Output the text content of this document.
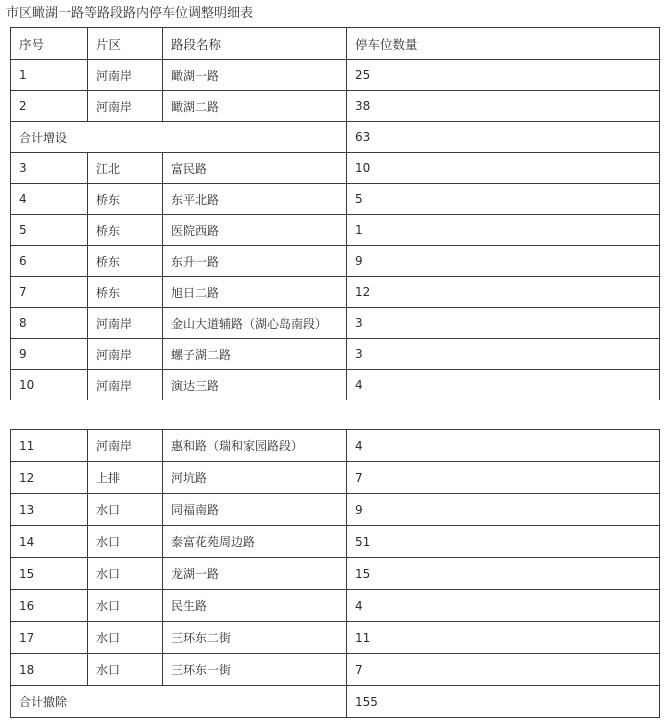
市区瞰湖一路等路段路内停车位调整明细表
序号	片区	路段名称	停车位数量
1	河南岸	瞰湖一路	25
2	河南岸	瞰湖二路	38
合计增设			63
3	江北	富民路	10
4	桥东	东平北路	5
5	桥东	医院西路	1
6	桥东	东升一路	9
7	桥东	旭日二路	12
8	河南岸	金山大道辅路（湖心岛南段）	3
9	河南岸	螺子湖二路	3
10	河南岸	演达三路	4
11	河南岸	惠和路（瑞和家园路段）	4
12	上排	河坑路	7
13	水口	同福南路	9
14	水口	泰富花苑周边路	51
15	水口	龙湖一路	15
16	水口	民生路	4
17	水口	三环东二街	11
18	水口	三环东一街	7
合计撤除			155
